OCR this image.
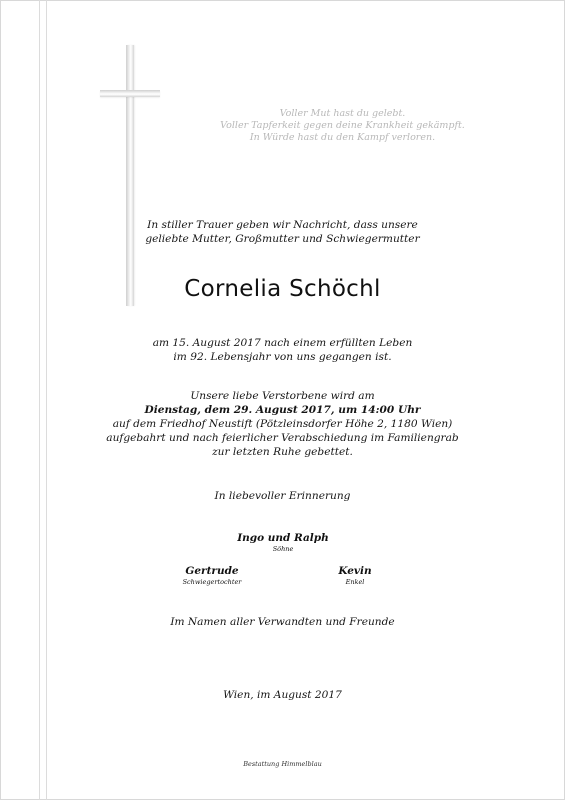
Voller Mut hast du gelebt.
Voller Tapferkeit gegen deine Krankheit gekämpft.
In Würde hast du den Kampf verloren.
In stiller Trauer geben wir Nachricht, dass unsere
geliebte Mutter, Großmutter und Schwiegermutter
Cornelia Schöchl
am 15. August 2017 nach einem erfüllten Leben
im 92. Lebensjahr von uns gegangen ist.
Unsere liebe Verstorbene wird am
Dienstag, dem 29. August 2017, um 14:00 Uhr
auf dem Friedhof Neustift (Pötzleinsdorfer Höhe 2, 1180 Wien)
aufgebahrt und nach feierlicher Verabschiedung im Familiengrab
zur letzten Ruhe gebettet.
In liebevoller Erinnerung
Ingo und Ralph
Söhne
Gertrude
Schwiegertochter
Kevin
Enkel
Im Namen aller Verwandten und Freunde
Wien, im August 2017
Bestattung Himmelblau
